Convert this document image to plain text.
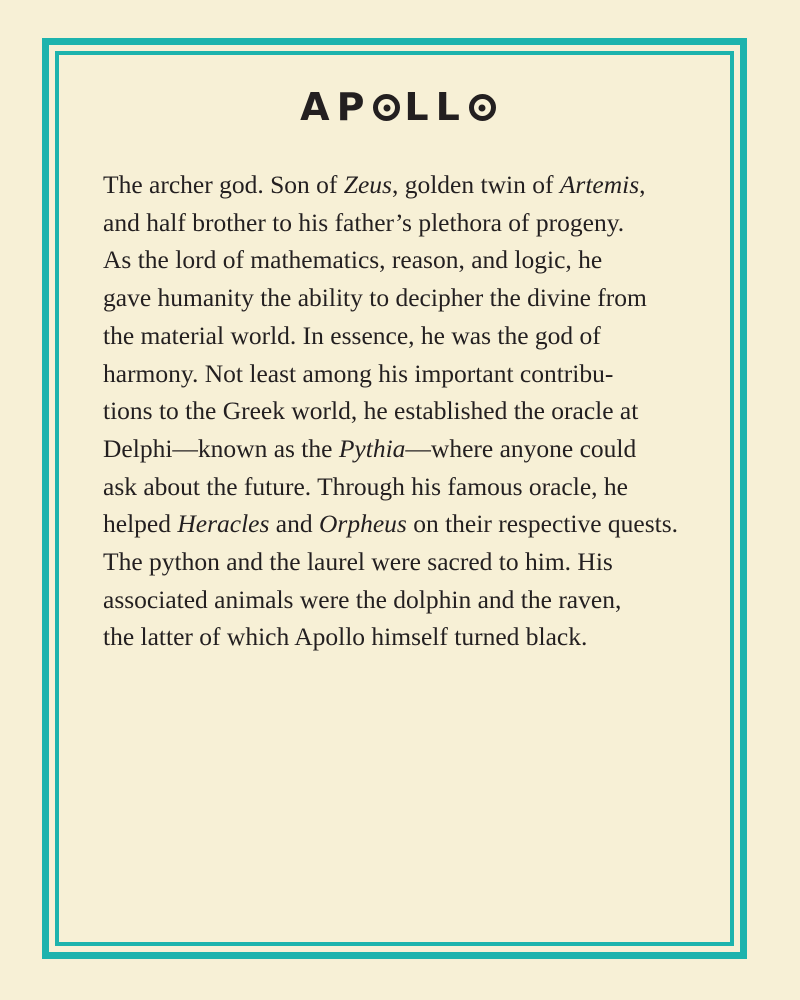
AP LL
The archer god. Son of Zeus, golden twin of Artemis,
and half brother to his father’s plethora of progeny.
As the lord of mathematics, reason, and logic, he
gave humanity the ability to decipher the divine from
the material world. In essence, he was the god of
harmony. Not least among his important contribu-
tions to the Greek world, he established the oracle at
Delphi—known as the Pythia—where anyone could
ask about the future. Through his famous oracle, he
helped Heracles and Orpheus on their respective quests.
The python and the laurel were sacred to him. His
associated animals were the dolphin and the raven,
the latter of which Apollo himself turned black.
